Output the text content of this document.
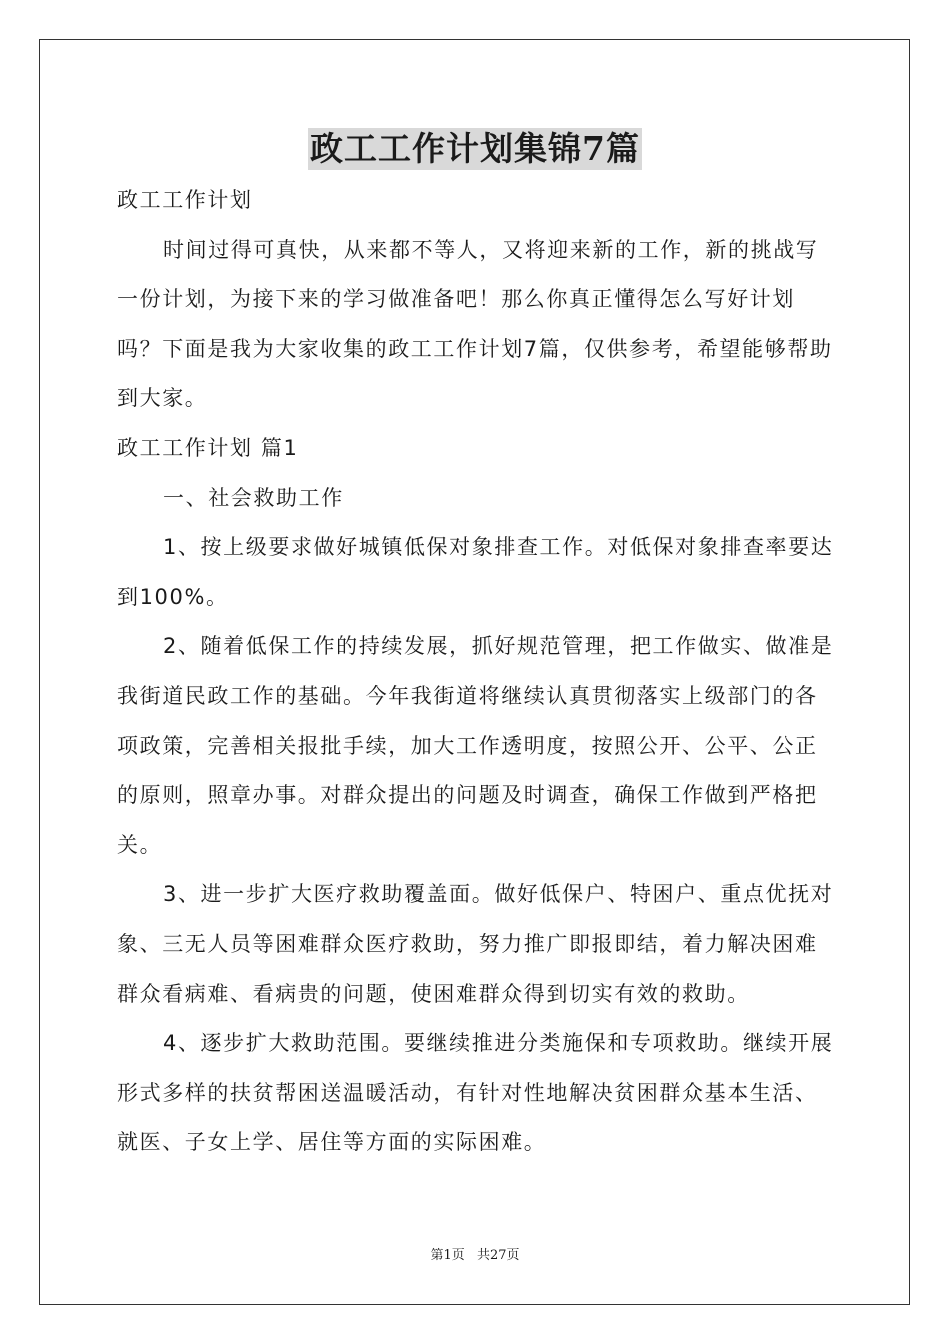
政工工作计划集锦7篇

政工工作计划

时间过得可真快，从来都不等人，又将迎来新的工作，新的挑战写一份计划，为接下来的学习做准备吧！那么你真正懂得怎么写好计划吗？下面是我为大家收集的政工工作计划7篇，仅供参考，希望能够帮助到大家。

政工工作计划 篇1

一、社会救助工作

1、按上级要求做好城镇低保对象排查工作。对低保对象排查率要达到100%。

2、随着低保工作的持续发展，抓好规范管理，把工作做实、做准是我街道民政工作的基础。今年我街道将继续认真贯彻落实上级部门的各项政策，完善相关报批手续，加大工作透明度，按照公开、公平、公正的原则，照章办事。对群众提出的问题及时调查，确保工作做到严格把关。

3、进一步扩大医疗救助覆盖面。做好低保户、特困户、重点优抚对象、三无人员等困难群众医疗救助，努力推广即报即结，着力解决困难群众看病难、看病贵的问题，使困难群众得到切实有效的救助。

4、逐步扩大救助范围。要继续推进分类施保和专项救助。继续开展形式多样的扶贫帮困送温暖活动，有针对性地解决贫困群众基本生活、就医、子女上学、居住等方面的实际困难。

第1页 共27页
